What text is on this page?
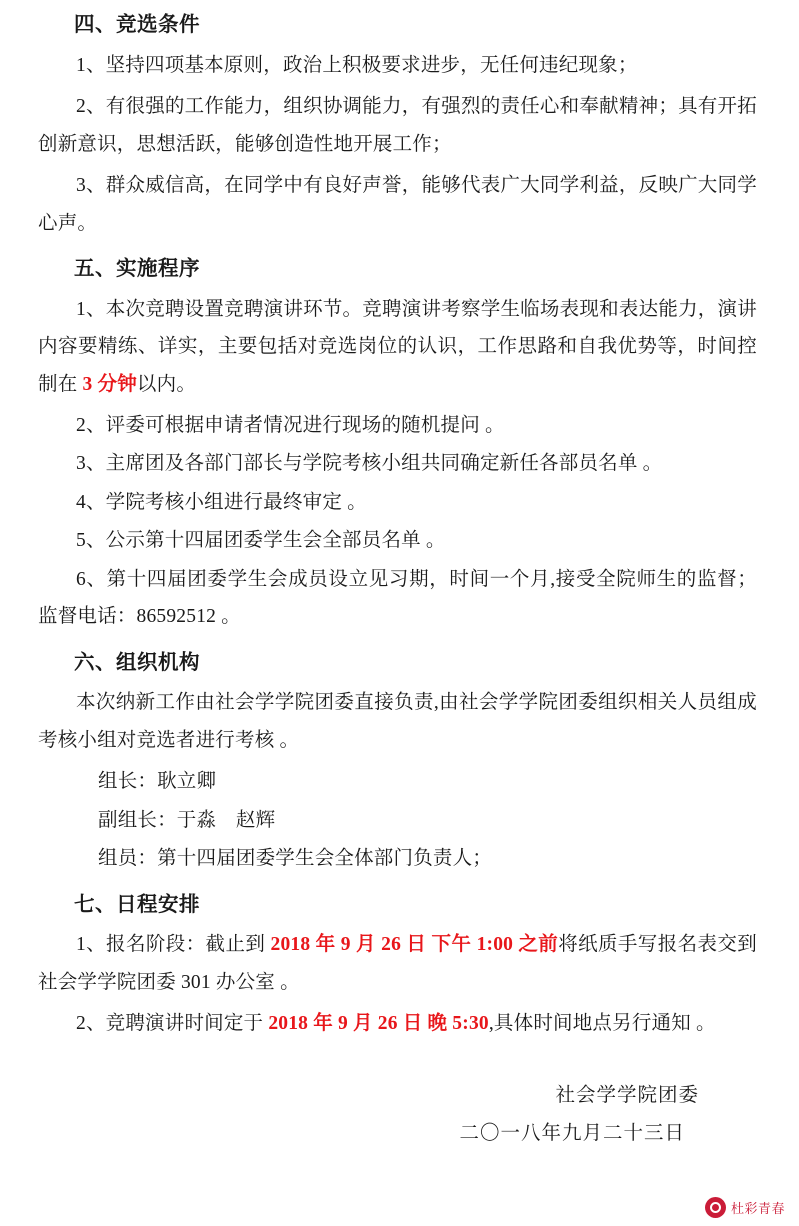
四、竞选条件
1、坚持四项基本原则，政治上积极要求进步，无任何违纪现象；
2、有很强的工作能力，组织协调能力，有强烈的责任心和奉献精神；具有开拓创新意识，思想活跃，能够创造性地开展工作；
3、群众威信高，在同学中有良好声誉，能够代表广大同学利益，反映广大同学心声。
五、实施程序
1、本次竞聘设置竞聘演讲环节。竞聘演讲考察学生临场表现和表达能力，演讲内容要精练、详实，主要包括对竞选岗位的认识，工作思路和自我优势等，时间控制在 3 分钟以内。
2、评委可根据申请者情况进行现场的随机提问 。
3、主席团及各部门部长与学院考核小组共同确定新任各部员名单 。
4、学院考核小组进行最终审定 。
5、公示第十四届团委学生会全部员名单 。
6、第十四届团委学生会成员设立见习期，时间一个月,接受全院师生的监督；监督电话：86592512 。
六、组织机构
本次纳新工作由社会学学院团委直接负责,由社会学学院团委组织相关人员组成考核小组对竞选者进行考核 。
组长：耿立卿
副组长：于淼　赵辉
组员：第十四届团委学生会全体部门负责人；
七、日程安排
1、报名阶段：截止到 2018 年 9 月 26 日 下午 1:00 之前将纸质手写报名表交到社会学学院团委 301 办公室 。
2、竞聘演讲时间定于 2018 年 9 月 26 日 晚 5:30,具体时间地点另行通知 。
社会学学院团委
二〇一八年九月二十三日
杜彩青春
